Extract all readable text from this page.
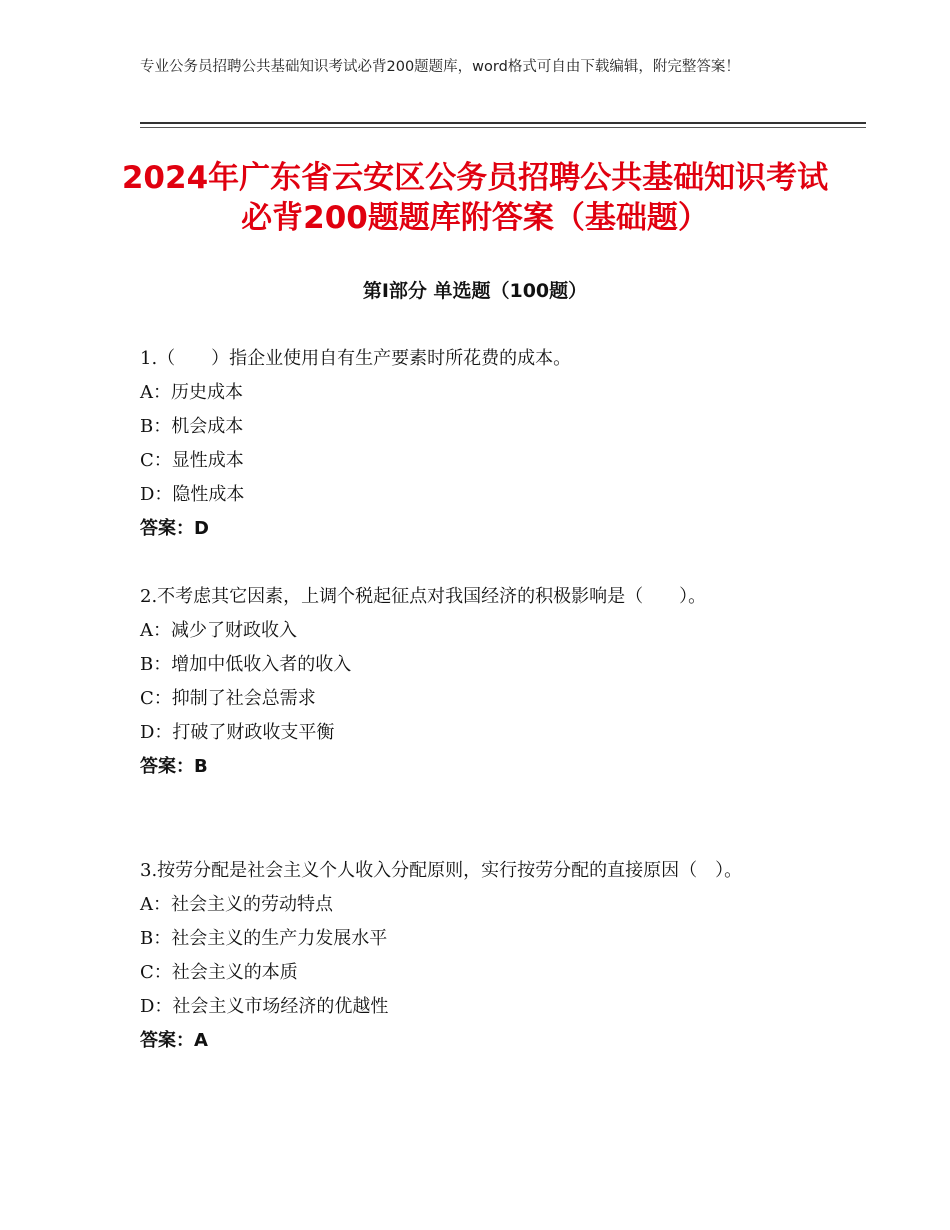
专业公务员招聘公共基础知识考试必背200题题库，word格式可自由下载编辑，附完整答案！
2024年广东省云安区公务员招聘公共基础知识考试必背200题题库附答案（基础题）
第Ⅰ部分 单选题（100题）
1.（　　）指企业使用自有生产要素时所花费的成本。
A：历史成本
B：机会成本
C：显性成本
D：隐性成本
答案：D
2.不考虑其它因素，上调个税起征点对我国经济的积极影响是（　　）。
A：减少了财政收入
B：增加中低收入者的收入
C：抑制了社会总需求
D：打破了财政收支平衡
答案：B
3.按劳分配是社会主义个人收入分配原则，实行按劳分配的直接原因（　）。
A：社会主义的劳动特点
B：社会主义的生产力发展水平
C：社会主义的本质
D：社会主义市场经济的优越性
答案：A
